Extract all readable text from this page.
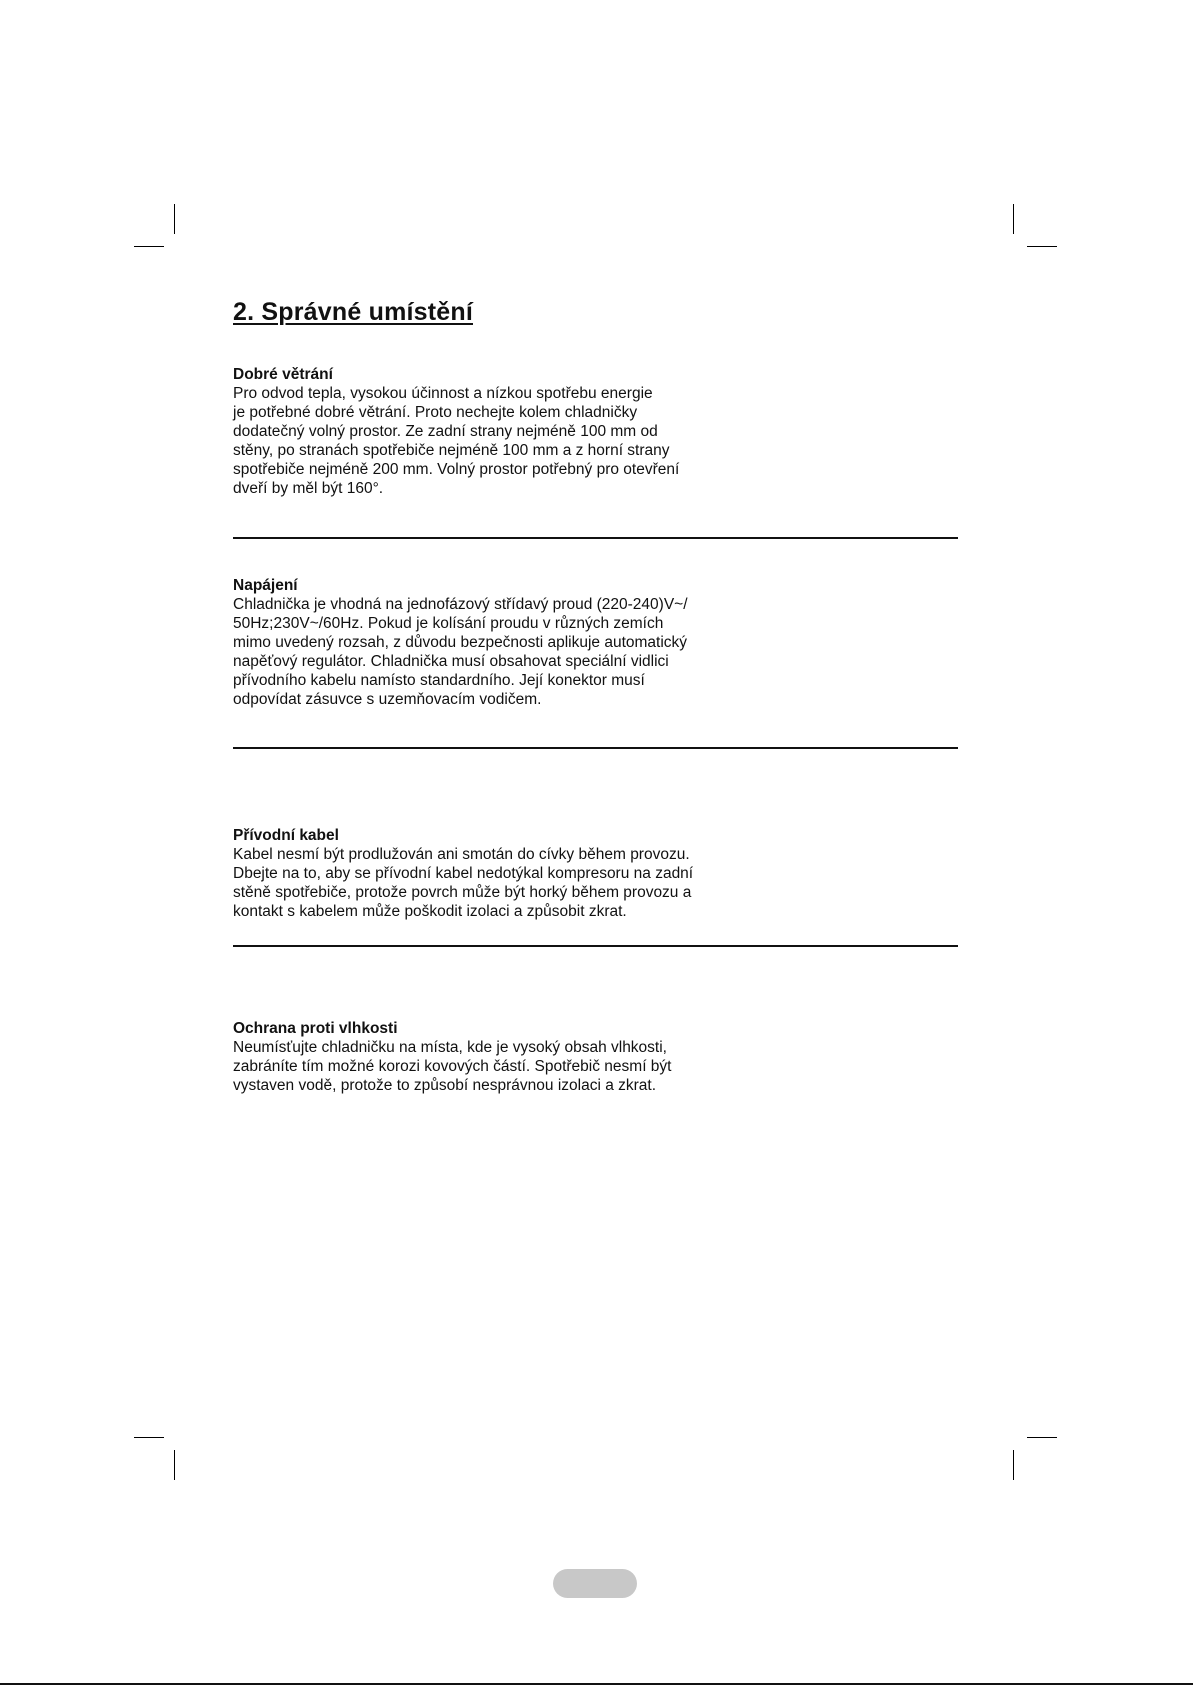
2. Správné umístění
Dobré větrání

Pro odvod tepla, vysokou účinnost a nízkou spotřebu energie
je potřebné dobré větrání. Proto nechejte kolem chladničky
dodatečný volný prostor. Ze zadní strany nejméně 100 mm od
stěny, po stranách spotřebiče nejméně 100 mm a z horní strany
spotřebiče nejméně 200 mm. Volný prostor potřebný pro otevření
dveří by měl být 160°.

Napájení

Chladnička je vhodná na jednofázový střídavý proud (220-240)V~/
50Hz;230V~/60Hz. Pokud je kolísání proudu v různých zemích
mimo uvedený rozsah, z důvodu bezpečnosti aplikuje automatický
napěťový regulátor. Chladnička musí obsahovat speciální vidlici
přívodního kabelu namísto standardního. Její konektor musí
odpovídat zásuvce s uzemňovacím vodičem.

Přívodní kabel

Kabel nesmí být prodlužován ani smotán do cívky během provozu.
Dbejte na to, aby se přívodní kabel nedotýkal kompresoru na zadní
stěně spotřebiče, protože povrch může být horký během provozu a
kontakt s kabelem může poškodit izolaci a způsobit zkrat.

Ochrana proti vlhkosti

Neumísťujte chladničku na místa, kde je vysoký obsah vlhkosti,
zabráníte tím možné korozi kovových částí. Spotřebič nesmí být
vystaven vodě, protože to způsobí nesprávnou izolaci a zkrat.
